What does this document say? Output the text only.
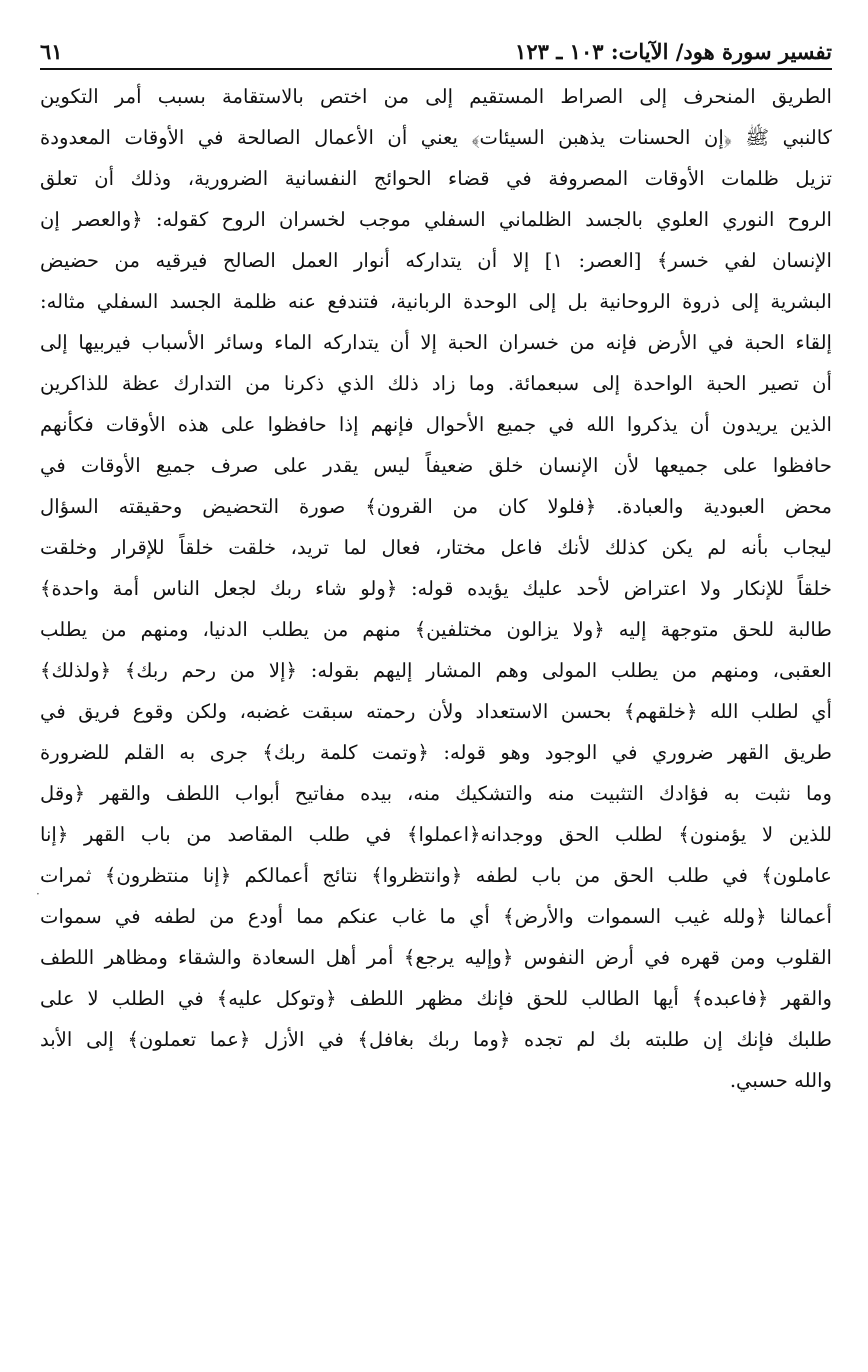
تفسير سورة هود/ الآيات: ١٠٣ ـ ١٢٣
٦١
الطريق المنحرف إلى الصراط المستقيم إلى من اختص بالاستقامة بسبب أمر التكوين
كالنبي ﷺ ﴿إن الحسنات يذهبن السيئات﴾ يعني أن الأعمال الصالحة في الأوقات المعدودة
تزيل ظلمات الأوقات المصروفة في قضاء الحوائج النفسانية الضرورية، وذلك أن تعلق
الروح النوري العلوي بالجسد الظلماني السفلي موجب لخسران الروح كقوله: ﴿والعصر إن
الإنسان لفي خسر﴾ [العصر: ١] إلا أن يتداركه أنوار العمل الصالح فيرقيه من حضيض
البشرية إلى ذروة الروحانية بل إلى الوحدة الربانية، فتندفع عنه ظلمة الجسد السفلي مثاله:
إلقاء الحبة في الأرض فإنه من خسران الحبة إلا أن يتداركه الماء وسائر الأسباب فيربيها إلى
أن تصير الحبة الواحدة إلى سبعمائة. وما زاد ذلك الذي ذكرنا من التدارك عظة للذاكرين
الذين يريدون أن يذكروا الله في جميع الأحوال فإنهم إذا حافظوا على هذه الأوقات فكأنهم
حافظوا على جميعها لأن الإنسان خلق ضعيفاً ليس يقدر على صرف جميع الأوقات في
محض العبودية والعبادة. ﴿فلولا كان من القرون﴾ صورة التحضيض وحقيقته السؤال
ليجاب بأنه لم يكن كذلك لأنك فاعل مختار، فعال لما تريد، خلقت خلقاً للإقرار وخلقت
خلقاً للإنكار ولا اعتراض لأحد عليك يؤيده قوله: ﴿ولو شاء ربك لجعل الناس أمة واحدة﴾
طالبة للحق متوجهة إليه ﴿ولا يزالون مختلفين﴾ منهم من يطلب الدنيا، ومنهم من يطلب
العقبى، ومنهم من يطلب المولى وهم المشار إليهم بقوله: ﴿إلا من رحم ربك﴾ ﴿ولذلك﴾
أي لطلب الله ﴿خلقهم﴾ بحسن الاستعداد ولأن رحمته سبقت غضبه، ولكن وقوع فريق في
طريق القهر ضروري في الوجود وهو قوله: ﴿وتمت كلمة ربك﴾ جرى به القلم للضرورة
وما نثبت به فؤادك التثبيت منه والتشكيك منه، بيده مفاتيح أبواب اللطف والقهر ﴿وقل
للذين لا يؤمنون﴾ لطلب الحق ووجدانه﴿اعملوا﴾ في طلب المقاصد من باب القهر ﴿إنا
عاملون﴾ في طلب الحق من باب لطفه ﴿وانتظروا﴾ نتائج أعمالكم ﴿إنا منتظرون﴾ ثمرات
أعمالنا ﴿ولله غيب السموات والأرض﴾ أي ما غاب عنكم مما أودع من لطفه في سموات
القلوب ومن قهره في أرض النفوس ﴿وإليه يرجع﴾ أمر أهل السعادة والشقاء ومظاهر اللطف
والقهر ﴿فاعبده﴾ أيها الطالب للحق فإنك مظهر اللطف ﴿وتوكل عليه﴾ في الطلب لا على
طلبك فإنك إن طلبته بك لم تجده ﴿وما ربك بغافل﴾ في الأزل ﴿عما تعملون﴾ إلى الأبد
والله حسبي.
·
